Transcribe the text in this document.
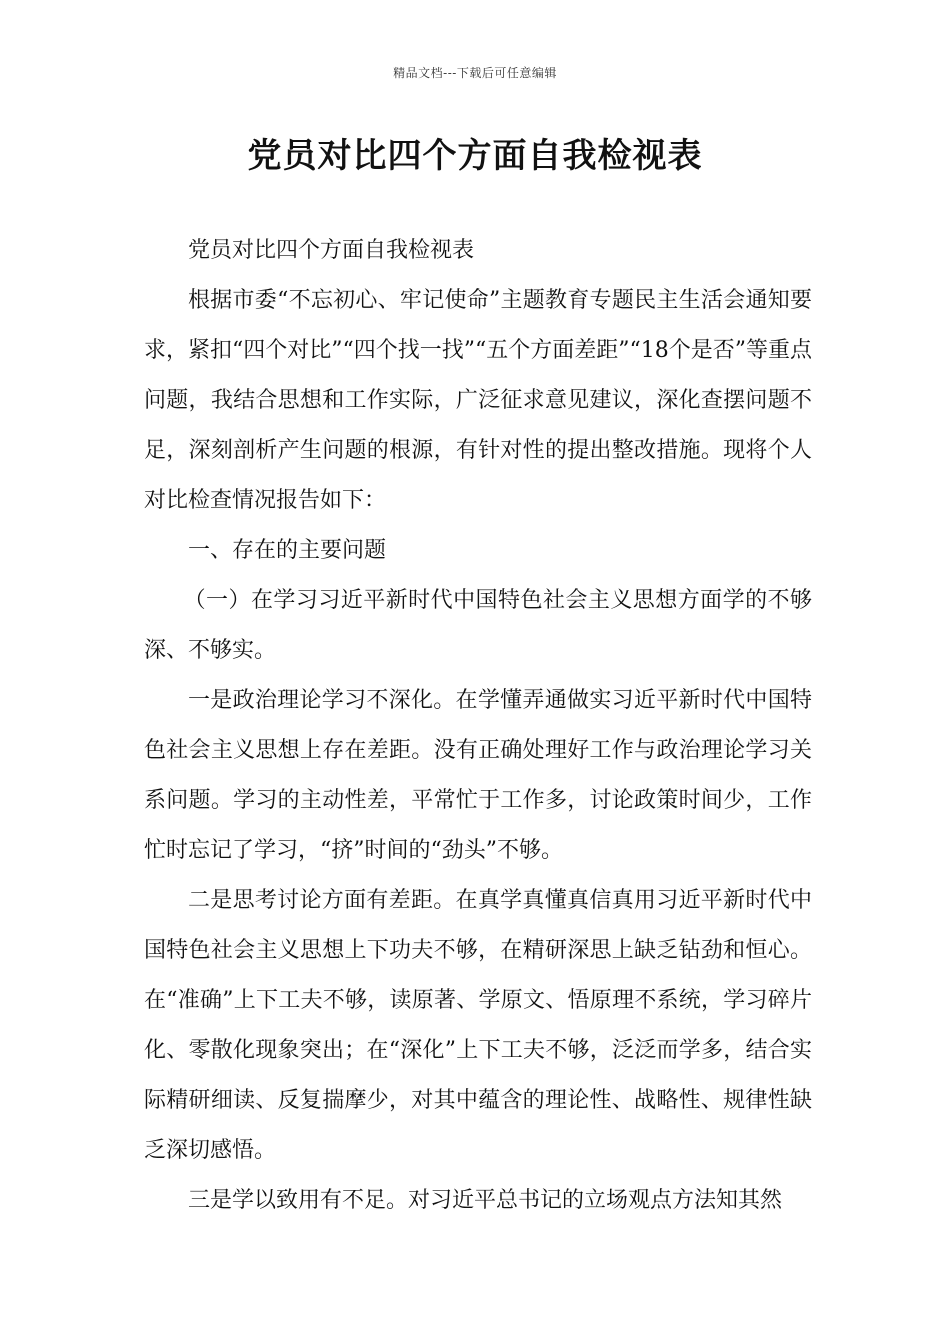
精品文档---下载后可任意编辑
党员对比四个方面自我检视表

党员对比四个方面自我检视表

根据市委“不忘初心、牢记使命”主题教育专题民主生活会通知要求，紧扣“四个对比”“四个找一找”“五个方面差距”“18个是否”等重点问题，我结合思想和工作实际，广泛征求意见建议，深化查摆问题不足，深刻剖析产生问题的根源，有针对性的提出整改措施。现将个人对比检查情况报告如下：

一、存在的主要问题

（一）在学习习近平新时代中国特色社会主义思想方面学的不够深、不够实。

一是政治理论学习不深化。在学懂弄通做实习近平新时代中国特色社会主义思想上存在差距。没有正确处理好工作与政治理论学习关系问题。学习的主动性差，平常忙于工作多，讨论政策时间少，工作忙时忘记了学习，“挤”时间的“劲头”不够。

二是思考讨论方面有差距。在真学真懂真信真用习近平新时代中国特色社会主义思想上下功夫不够，在精研深思上缺乏钻劲和恒心。在“准确”上下工夫不够，读原著、学原文、悟原理不系统，学习碎片化、零散化现象突出；在“深化”上下工夫不够，泛泛而学多，结合实际精研细读、反复揣摩少，对其中蕴含的理论性、战略性、规律性缺乏深切感悟。

三是学以致用有不足。对习近平总书记的立场观点方法知其然
